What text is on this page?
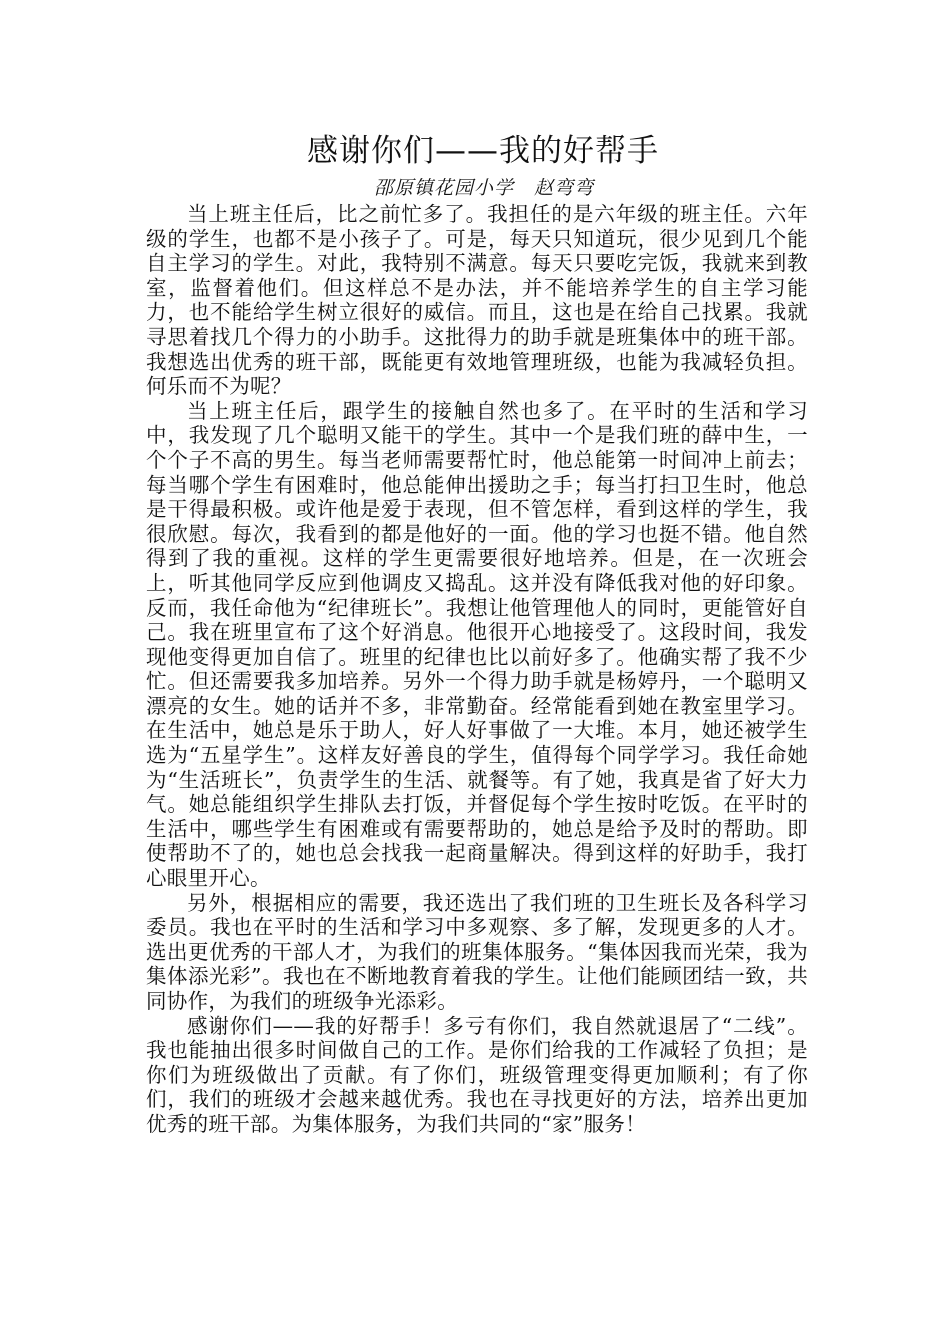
感谢你们——我的好帮手

邵原镇花园小学　赵弯弯

当上班主任后，比之前忙多了。我担任的是六年级的班主任。六年级的学生，也都不是小孩子了。可是，每天只知道玩，很少见到几个能自主学习的学生。对此，我特别不满意。每天只要吃完饭，我就来到教室，监督着他们。但这样总不是办法，并不能培养学生的自主学习能力，也不能给学生树立很好的威信。而且，这也是在给自己找累。我就寻思着找几个得力的小助手。这批得力的助手就是班集体中的班干部。我想选出优秀的班干部，既能更有效地管理班级，也能为我减轻负担。何乐而不为呢？

当上班主任后，跟学生的接触自然也多了。在平时的生活和学习中，我发现了几个聪明又能干的学生。其中一个是我们班的薛中生，一个个子不高的男生。每当老师需要帮忙时，他总能第一时间冲上前去；每当哪个学生有困难时，他总能伸出援助之手；每当打扫卫生时，他总是干得最积极。或许他是爱于表现，但不管怎样，看到这样的学生，我很欣慰。每次，我看到的都是他好的一面。他的学习也挺不错。他自然得到了我的重视。这样的学生更需要很好地培养。但是，在一次班会上，听其他同学反应到他调皮又捣乱。这并没有降低我对他的好印象。反而，我任命他为“纪律班长”。我想让他管理他人的同时，更能管好自己。我在班里宣布了这个好消息。他很开心地接受了。这段时间，我发现他变得更加自信了。班里的纪律也比以前好多了。他确实帮了我不少忙。但还需要我多加培养。另外一个得力助手就是杨婷丹，一个聪明又漂亮的女生。她的话并不多，非常勤奋。经常能看到她在教室里学习。在生活中，她总是乐于助人，好人好事做了一大堆。本月，她还被学生选为“五星学生”。这样友好善良的学生，值得每个同学学习。我任命她为“生活班长”，负责学生的生活、就餐等。有了她，我真是省了好大力气。她总能组织学生排队去打饭，并督促每个学生按时吃饭。在平时的生活中，哪些学生有困难或有需要帮助的，她总是给予及时的帮助。即使帮助不了的，她也总会找我一起商量解决。得到这样的好助手，我打心眼里开心。

另外，根据相应的需要，我还选出了我们班的卫生班长及各科学习委员。我也在平时的生活和学习中多观察、多了解，发现更多的人才。选出更优秀的干部人才，为我们的班集体服务。“集体因我而光荣，我为集体添光彩”。我也在不断地教育着我的学生。让他们能顾团结一致，共同协作，为我们的班级争光添彩。

感谢你们——我的好帮手！多亏有你们，我自然就退居了“二线”。我也能抽出很多时间做自己的工作。是你们给我的工作减轻了负担；是你们为班级做出了贡献。有了你们，班级管理变得更加顺利；有了你们，我们的班级才会越来越优秀。我也在寻找更好的方法，培养出更加优秀的班干部。为集体服务，为我们共同的“家”服务！
